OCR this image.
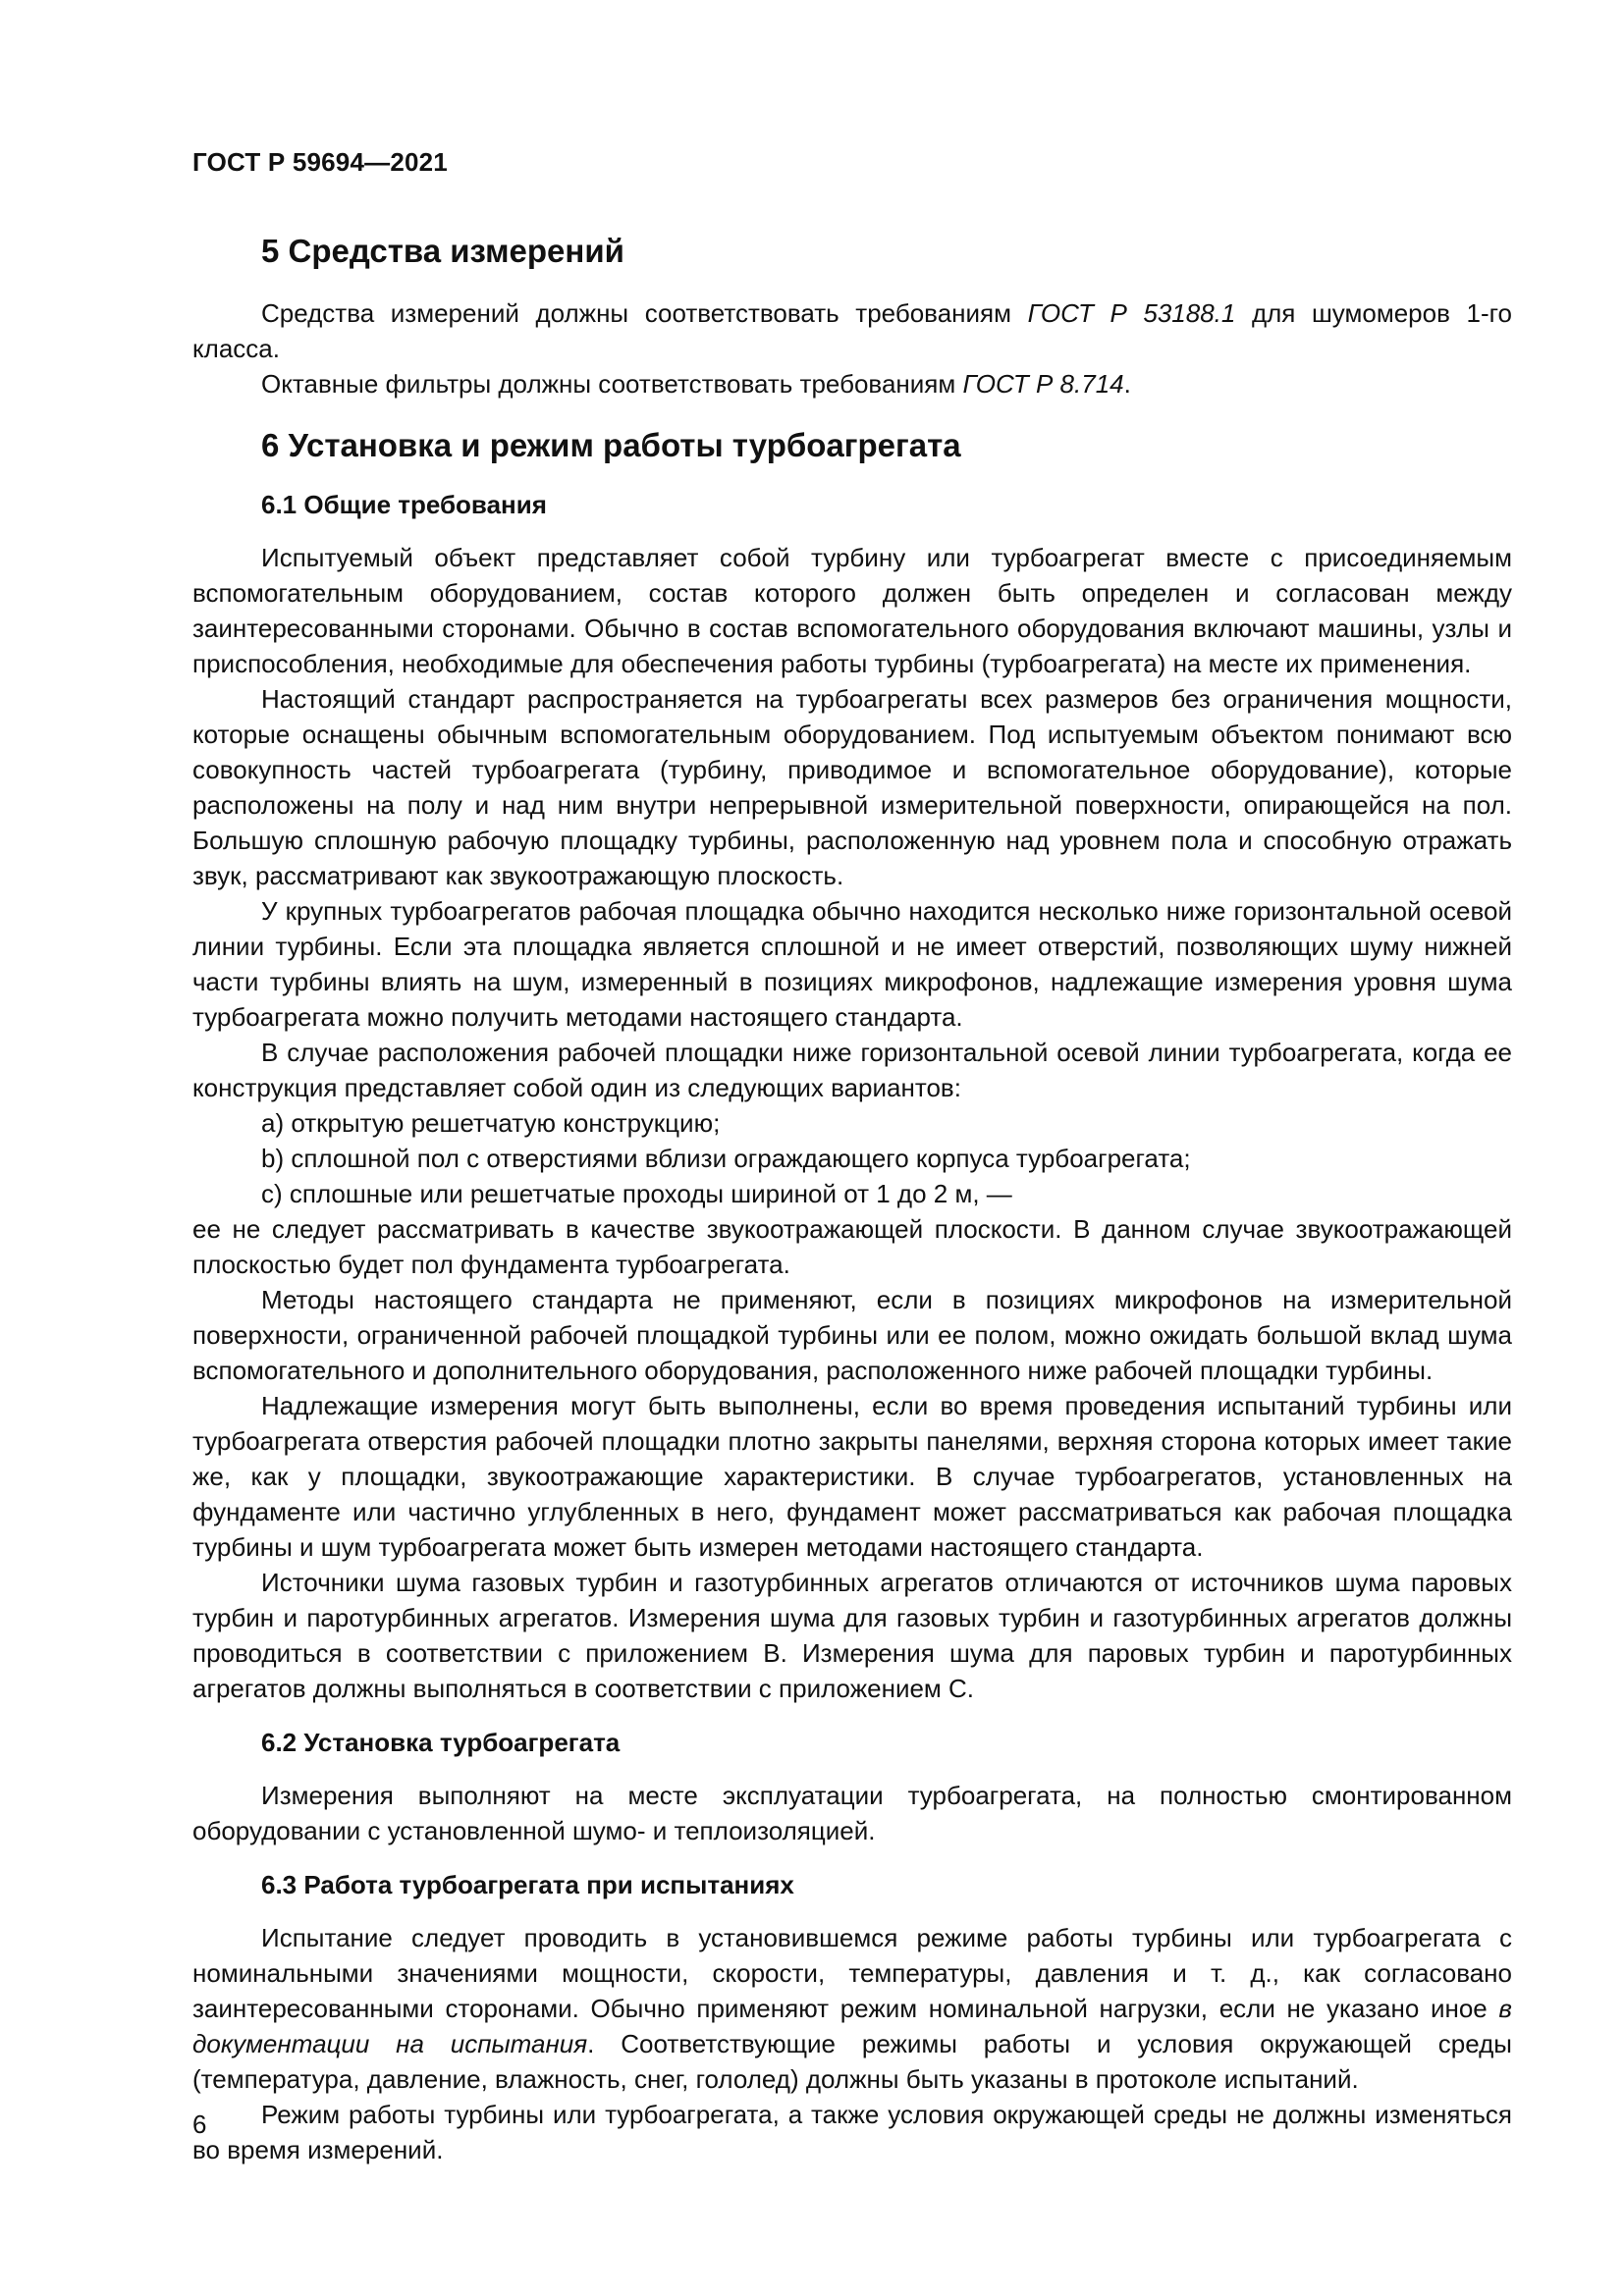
ГОСТ Р 59694—2021
5 Средства измерений

Средства измерений должны соответствовать требованиям ГОСТ Р 53188.1 для шумомеров 1-го класса.

Октавные фильтры должны соответствовать требованиям ГОСТ Р 8.714.

6 Установка и режим работы турбоагрегата
6.1 Общие требования

Испытуемый объект представляет собой турбину или турбоагрегат вместе с присоединяемым вспомогательным оборудованием, состав которого должен быть определен и согласован между заинтересованными сторонами. Обычно в состав вспомогательного оборудования включают машины, узлы и приспособления, необходимые для обеспечения работы турбины (турбоагрегата) на месте их применения.

Настоящий стандарт распространяется на турбоагрегаты всех размеров без ограничения мощности, которые оснащены обычным вспомогательным оборудованием. Под испытуемым объектом понимают всю совокупность частей турбоагрегата (турбину, приводимое и вспомогательное оборудование), которые расположены на полу и над ним внутри непрерывной измерительной поверхности, опирающейся на пол. Большую сплошную рабочую площадку турбины, расположенную над уровнем пола и способную отражать звук, рассматривают как звукоотражающую плоскость.

У крупных турбоагрегатов рабочая площадка обычно находится несколько ниже горизонтальной осевой линии турбины. Если эта площадка является сплошной и не имеет отверстий, позволяющих шуму нижней части турбины влиять на шум, измеренный в позициях микрофонов, надлежащие измерения уровня шума турбоагрегата можно получить методами настоящего стандарта.

В случае расположения рабочей площадки ниже горизонтальной осевой линии турбоагрегата, когда ее конструкция представляет собой один из следующих вариантов:

a) открытую решетчатую конструкцию;

b) сплошной пол с отверстиями вблизи ограждающего корпуса турбоагрегата;

c) сплошные или решетчатые проходы шириной от 1 до 2 м, —

ее не следует рассматривать в качестве звукоотражающей плоскости. В данном случае звукоотражающей плоскостью будет пол фундамента турбоагрегата.

Методы настоящего стандарта не применяют, если в позициях микрофонов на измерительной поверхности, ограниченной рабочей площадкой турбины или ее полом, можно ожидать большой вклад шума вспомогательного и дополнительного оборудования, расположенного ниже рабочей площадки турбины.

Надлежащие измерения могут быть выполнены, если во время проведения испытаний турбины или турбоагрегата отверстия рабочей площадки плотно закрыты панелями, верхняя сторона которых имеет такие же, как у площадки, звукоотражающие характеристики. В случае турбоагрегатов, установленных на фундаменте или частично углубленных в него, фундамент может рассматриваться как рабочая площадка турбины и шум турбоагрегата может быть измерен методами настоящего стандарта.

Источники шума газовых турбин и газотурбинных агрегатов отличаются от источников шума паровых турбин и паротурбинных агрегатов. Измерения шума для газовых турбин и газотурбинных агрегатов должны проводиться в соответствии с приложением B. Измерения шума для паровых турбин и паротурбинных агрегатов должны выполняться в соответствии с приложением C.

6.2 Установка турбоагрегата

Измерения выполняют на месте эксплуатации турбоагрегата, на полностью смонтированном оборудовании с установленной шумо- и теплоизоляцией.

6.3 Работа турбоагрегата при испытаниях

Испытание следует проводить в установившемся режиме работы турбины или турбоагрегата с номинальными значениями мощности, скорости, температуры, давления и т. д., как согласовано заинтересованными сторонами. Обычно применяют режим номинальной нагрузки, если не указано иное в документации на испытания. Соответствующие режимы работы и условия окружающей среды (температура, давление, влажность, снег, гололед) должны быть указаны в протоколе испытаний.

Режим работы турбины или турбоагрегата, а также условия окружающей среды не должны изменяться во время измерений.

6
